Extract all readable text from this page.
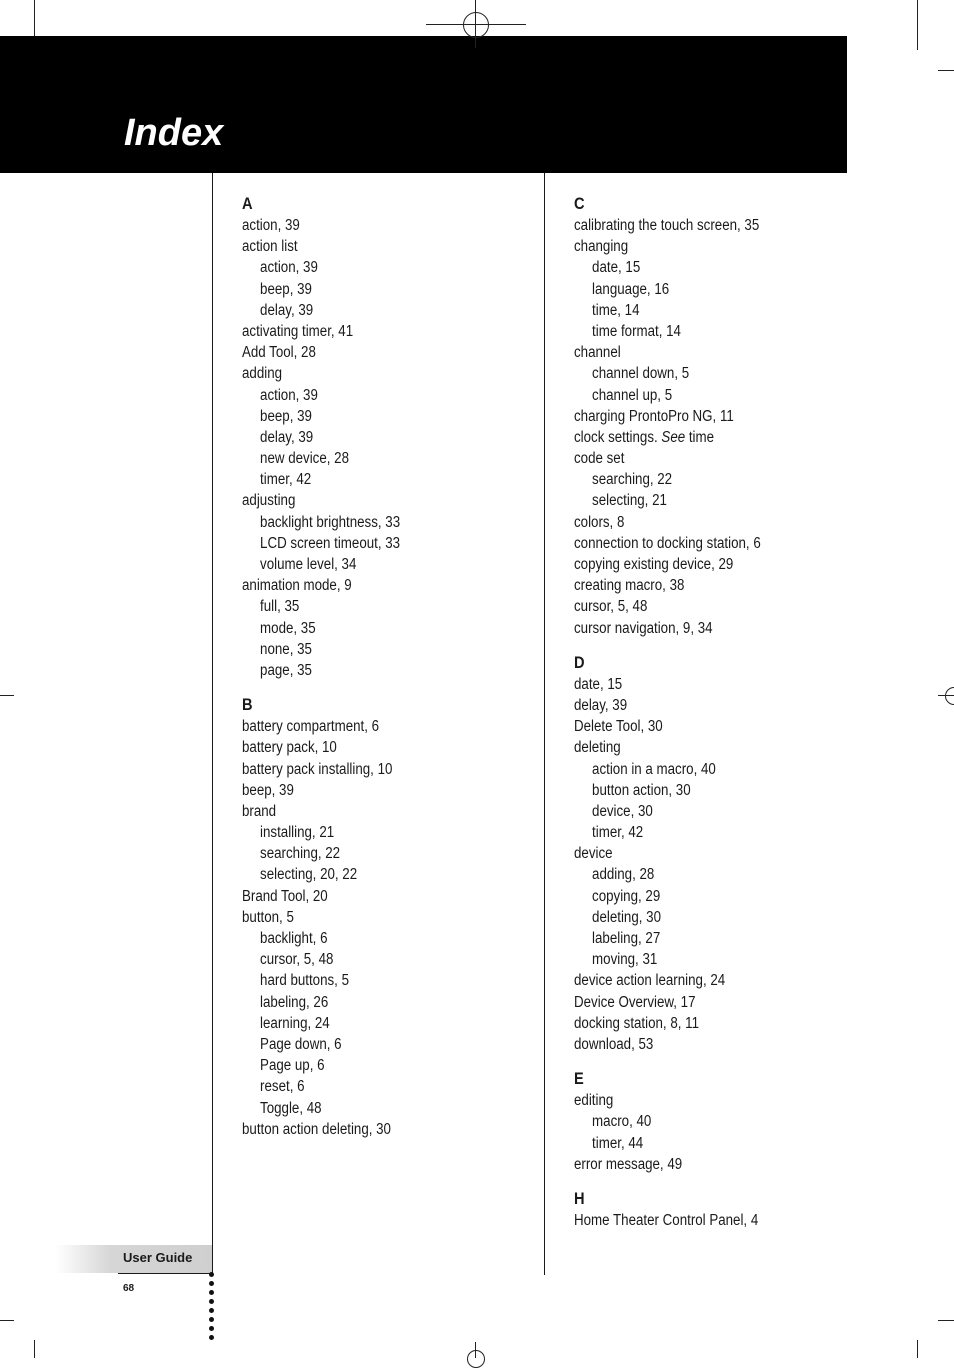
Index
A
action, 39
action list
action, 39
beep, 39
delay, 39
activating timer, 41
Add Tool, 28
adding
action, 39
beep, 39
delay, 39
new device, 28
timer, 42
adjusting
backlight brightness, 33
LCD screen timeout, 33
volume level, 34
animation mode, 9
full, 35
mode, 35
none, 35
page, 35
B
battery compartment, 6
battery pack, 10
battery pack installing, 10
beep, 39
brand
installing, 21
searching, 22
selecting, 20, 22
Brand Tool, 20
button, 5
backlight, 6
cursor, 5, 48
hard buttons, 5
labeling, 26
learning, 24
Page down, 6
Page up, 6
reset, 6
Toggle, 48
button action deleting, 30
C
calibrating the touch screen, 35
changing
date, 15
language, 16
time, 14
time format, 14
channel
channel down, 5
channel up, 5
charging ProntoPro NG, 11
clock settings. See time
code set
searching, 22
selecting, 21
colors, 8
connection to docking station, 6
copying existing device, 29
creating macro, 38
cursor, 5, 48
cursor navigation, 9, 34
D
date, 15
delay, 39
Delete Tool, 30
deleting
action in a macro, 40
button action, 30
device, 30
timer, 42
device
adding, 28
copying, 29
deleting, 30
labeling, 27
moving, 31
device action learning, 24
Device Overview, 17
docking station, 8, 11
download, 53
E
editing
macro, 40
timer, 44
error message, 49
H
Home Theater Control Panel, 4
User Guide
68
